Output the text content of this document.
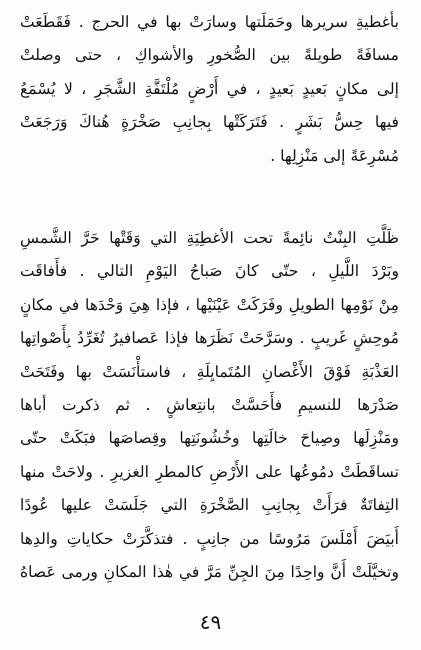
بأغطيةِ سريرها وحَمَلَتها وسارَتْ بها في الحرج . فَقَطَعَتْ
مسافَةً طويلةً بين الصُّخورِ والأشواكِ ، حتى وصلتْ
إلى مكانٍ بَعيدٍ بَعيدٍ ، في أَرْضٍ مُلْتَفَّةِ الشَّجَرِ ، لا يُسْمَعُ
فيها حِسُّ بَشَرٍ . فَتَرَكَتْها بِجانِبِ صَخْرَةٍ هُناكَ وَرَجَعَتْ
مُسْرِعَةً إلى مَنْزِلِها .
ظَلَّتِ البِنْتُ نائِمةً تحت الأغطِيَةِ التي وَقَتْها حَرَّ الشَّمسِ
وبَرْدَ اللَّيلِ ، حتّى كانَ صَباحُ اليَوْمِ التالي . فأَفاقَت
مِنْ نَوْمِها الطويلِ وفَرَكَتْ عَيْنَيْها ، فإذا هِيَ وَحْدَها في مكانٍ
مُوحِشٍ غَريبٍ . وسَرَّحَتْ نَظَرَها فإذا عَصافيرُ تُغَرِّدُ بِأَصْواتِها
العَذْبَةِ فَوْقَ الأَغْصانِ المُتَمايِلَةِ ، فاستأْنَسَتْ بها وفَتَحَتْ
صَدْرَها للنسيمِ فأَحَسَّتْ بانتِعاشٍ . ثم ذكرت أباها
ومَنْزِلَها وصِياحَ خالَتِها وخُشُونَتِها وقِصاصَها فبَكَتْ حتّى
تساقَطَتْ دمُوعُها على الأَرْضِ كالمطرِ الغزيرِ . ولاحَتْ منها
التِفاتَةٌ فرَأَتْ بِجانِبِ الصَّخْرَةِ التي جَلَسَتْ عليها عُودًا
أَبيَضَ أَمْلَسَ مَرُوسًا من جانِبٍ . فتذكَّرَتْ حكاياتِ والدِها
وتخيَّلَتْ أَنَّ واحِدًا مِنَ الجِنِّ مَرَّ في هٰذا المكانِ ورمى عَصاهُ
٤٩
